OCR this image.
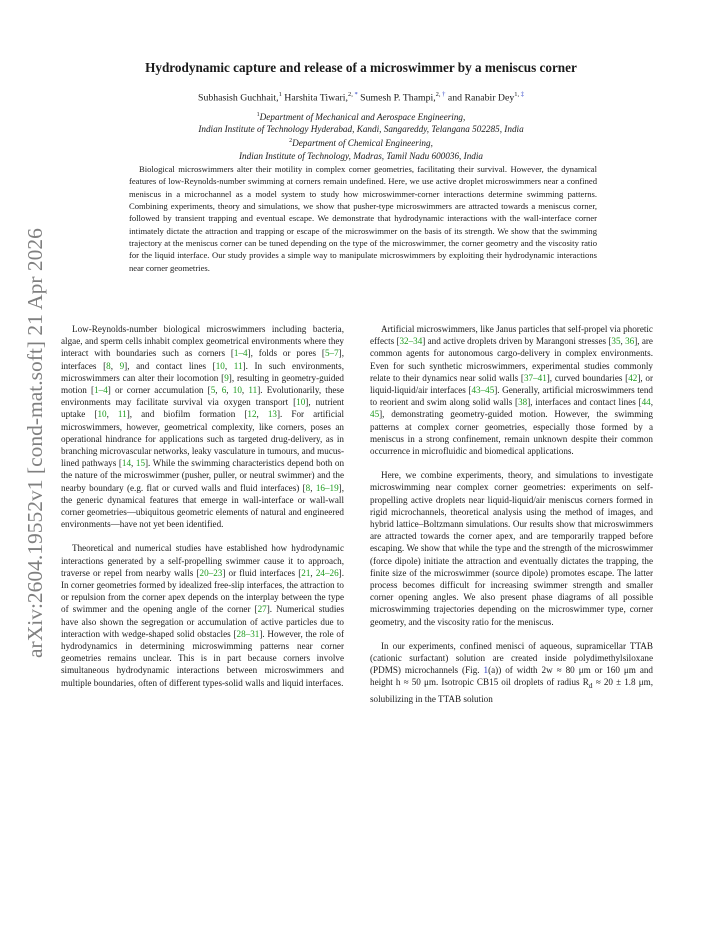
arXiv:2604.19552v1 [cond-mat.soft] 21 Apr 2026
Hydrodynamic capture and release of a microswimmer by a meniscus corner
Subhasish Guchhait,$^1$ Harshita Tiwari,$^{2, *}$ Sumesh P. Thampi,$^{2, \dagger}$ and Ranabir Dey$^{1, \ddagger}$
$^1$Department of Mechanical and Aerospace Engineering,
Indian Institute of Technology Hyderabad, Kandi, Sangareddy, Telangana 502285, India
$^2$Department of Chemical Engineering,
Indian Institute of Technology, Madras, Tamil Nadu 600036, India

Biological microswimmers alter their motility in complex corner geometries, facilitating their survival. However, the dynamical features of low-Reynolds-number swimming at corners remain undefined. Here, we use active droplet microswimmers near a confined meniscus in a microchannel as a model system to study how microswimmer-corner interactions determine swimming patterns. Combining experiments, theory and simulations, we show that pusher-type microswimmers are attracted towards a meniscus corner, followed by transient trapping and eventual escape. We demonstrate that hydrodynamic interactions with the wall-interface corner intimately dictate the attraction and trapping or escape of the microswimmer on the basis of its strength. We show that the swimming trajectory at the meniscus corner can be tuned depending on the type of the microswimmer, the corner geometry and the viscosity ratio for the liquid interface. Our study provides a simple way to manipulate microswimmers by exploiting their hydrodynamic interactions near corner geometries.

Low-Reynolds-number biological microswimmers including bacteria, algae, and sperm cells inhabit complex geometrical environments where they interact with boundaries such as corners [1–4], folds or pores [5–7], interfaces [8, 9], and contact lines [10, 11]. In such environments, microswimmers can alter their locomotion [9], resulting in geometry-guided motion [1–4] or corner accumulation [5, 6, 10, 11]. Evolutionarily, these environments may facilitate survival via oxygen transport [10], nutrient uptake [10, 11], and biofilm formation [12, 13]. For artificial microswimmers, however, geometrical complexity, like corners, poses an operational hindrance for applications such as targeted drug-delivery, as in branching microvascular networks, leaky vasculature in tumours, and mucus-lined pathways [14, 15]. While the swimming characteristics depend both on the nature of the microswimmer (pusher, puller, or neutral swimmer) and the nearby boundary (e.g. flat or curved walls and fluid interfaces) [8, 16–19], the generic dynamical features that emerge in wall-interface or wall-wall corner geometries—ubiquitous geometric elements of natural and engineered environments—have not yet been identified.

Theoretical and numerical studies have established how hydrodynamic interactions generated by a self-propelling swimmer cause it to approach, traverse or repel from nearby walls [20–23] or fluid interfaces [21, 24–26]. In corner geometries formed by idealized free-slip interfaces, the attraction to or repulsion from the corner apex depends on the interplay between the type of swimmer and the opening angle of the corner [27]. Numerical studies have also shown the segregation or accumulation of active particles due to interaction with wedge-shaped solid obstacles [28–31]. However, the role of hydrodynamics in determining microswimming patterns near corner geometries remains unclear. This is in part because corners involve simultaneous hydrodynamic interactions between microswimmers and multiple boundaries, often of different types-solid walls and liquid interfaces.

Artificial microswimmers, like Janus particles that self-propel via phoretic effects [32–34] and active droplets driven by Marangoni stresses [35, 36], are common agents for autonomous cargo-delivery in complex environments. Even for such synthetic microswimmers, experimental studies commonly relate to their dynamics near solid walls [37–41], curved boundaries [42], or liquid-liquid/air interfaces [43–45]. Generally, artificial microswimmers tend to reorient and swim along solid walls [38], interfaces and contact lines [44, 45], demonstrating geometry-guided motion. However, the swimming patterns at complex corner geometries, especially those formed by a meniscus in a strong confinement, remain unknown despite their common occurrence in microfluidic and biomedical applications.

Here, we combine experiments, theory, and simulations to investigate microswimming near complex corner geometries: experiments on self-propelling active droplets near liquid-liquid/air meniscus corners formed in rigid microchannels, theoretical analysis using the method of images, and hybrid lattice–Boltzmann simulations. Our results show that microswimmers are attracted towards the corner apex, and are temporarily trapped before escaping. We show that while the type and the strength of the microswimmer (force dipole) initiate the attraction and eventually dictates the trapping, the finite size of the microswimmer (source dipole) promotes escape. The latter process becomes difficult for increasing swimmer strength and smaller corner opening angles. We also present phase diagrams of all possible microswimming trajectories depending on the microswimmer type, corner geometry, and the viscosity ratio for the meniscus.

In our experiments, confined menisci of aqueous, supramicellar TTAB (cationic surfactant) solution are created inside polydimethylsiloxane (PDMS) microchannels (Fig. 1(a)) of width 2w ≈ 80 μm or 160 μm and height h ≈ 50 μm. Isotropic CB15 oil droplets of radius $R_d \approx 20 \pm 1.8$ μm, solubilizing in the TTAB solution
